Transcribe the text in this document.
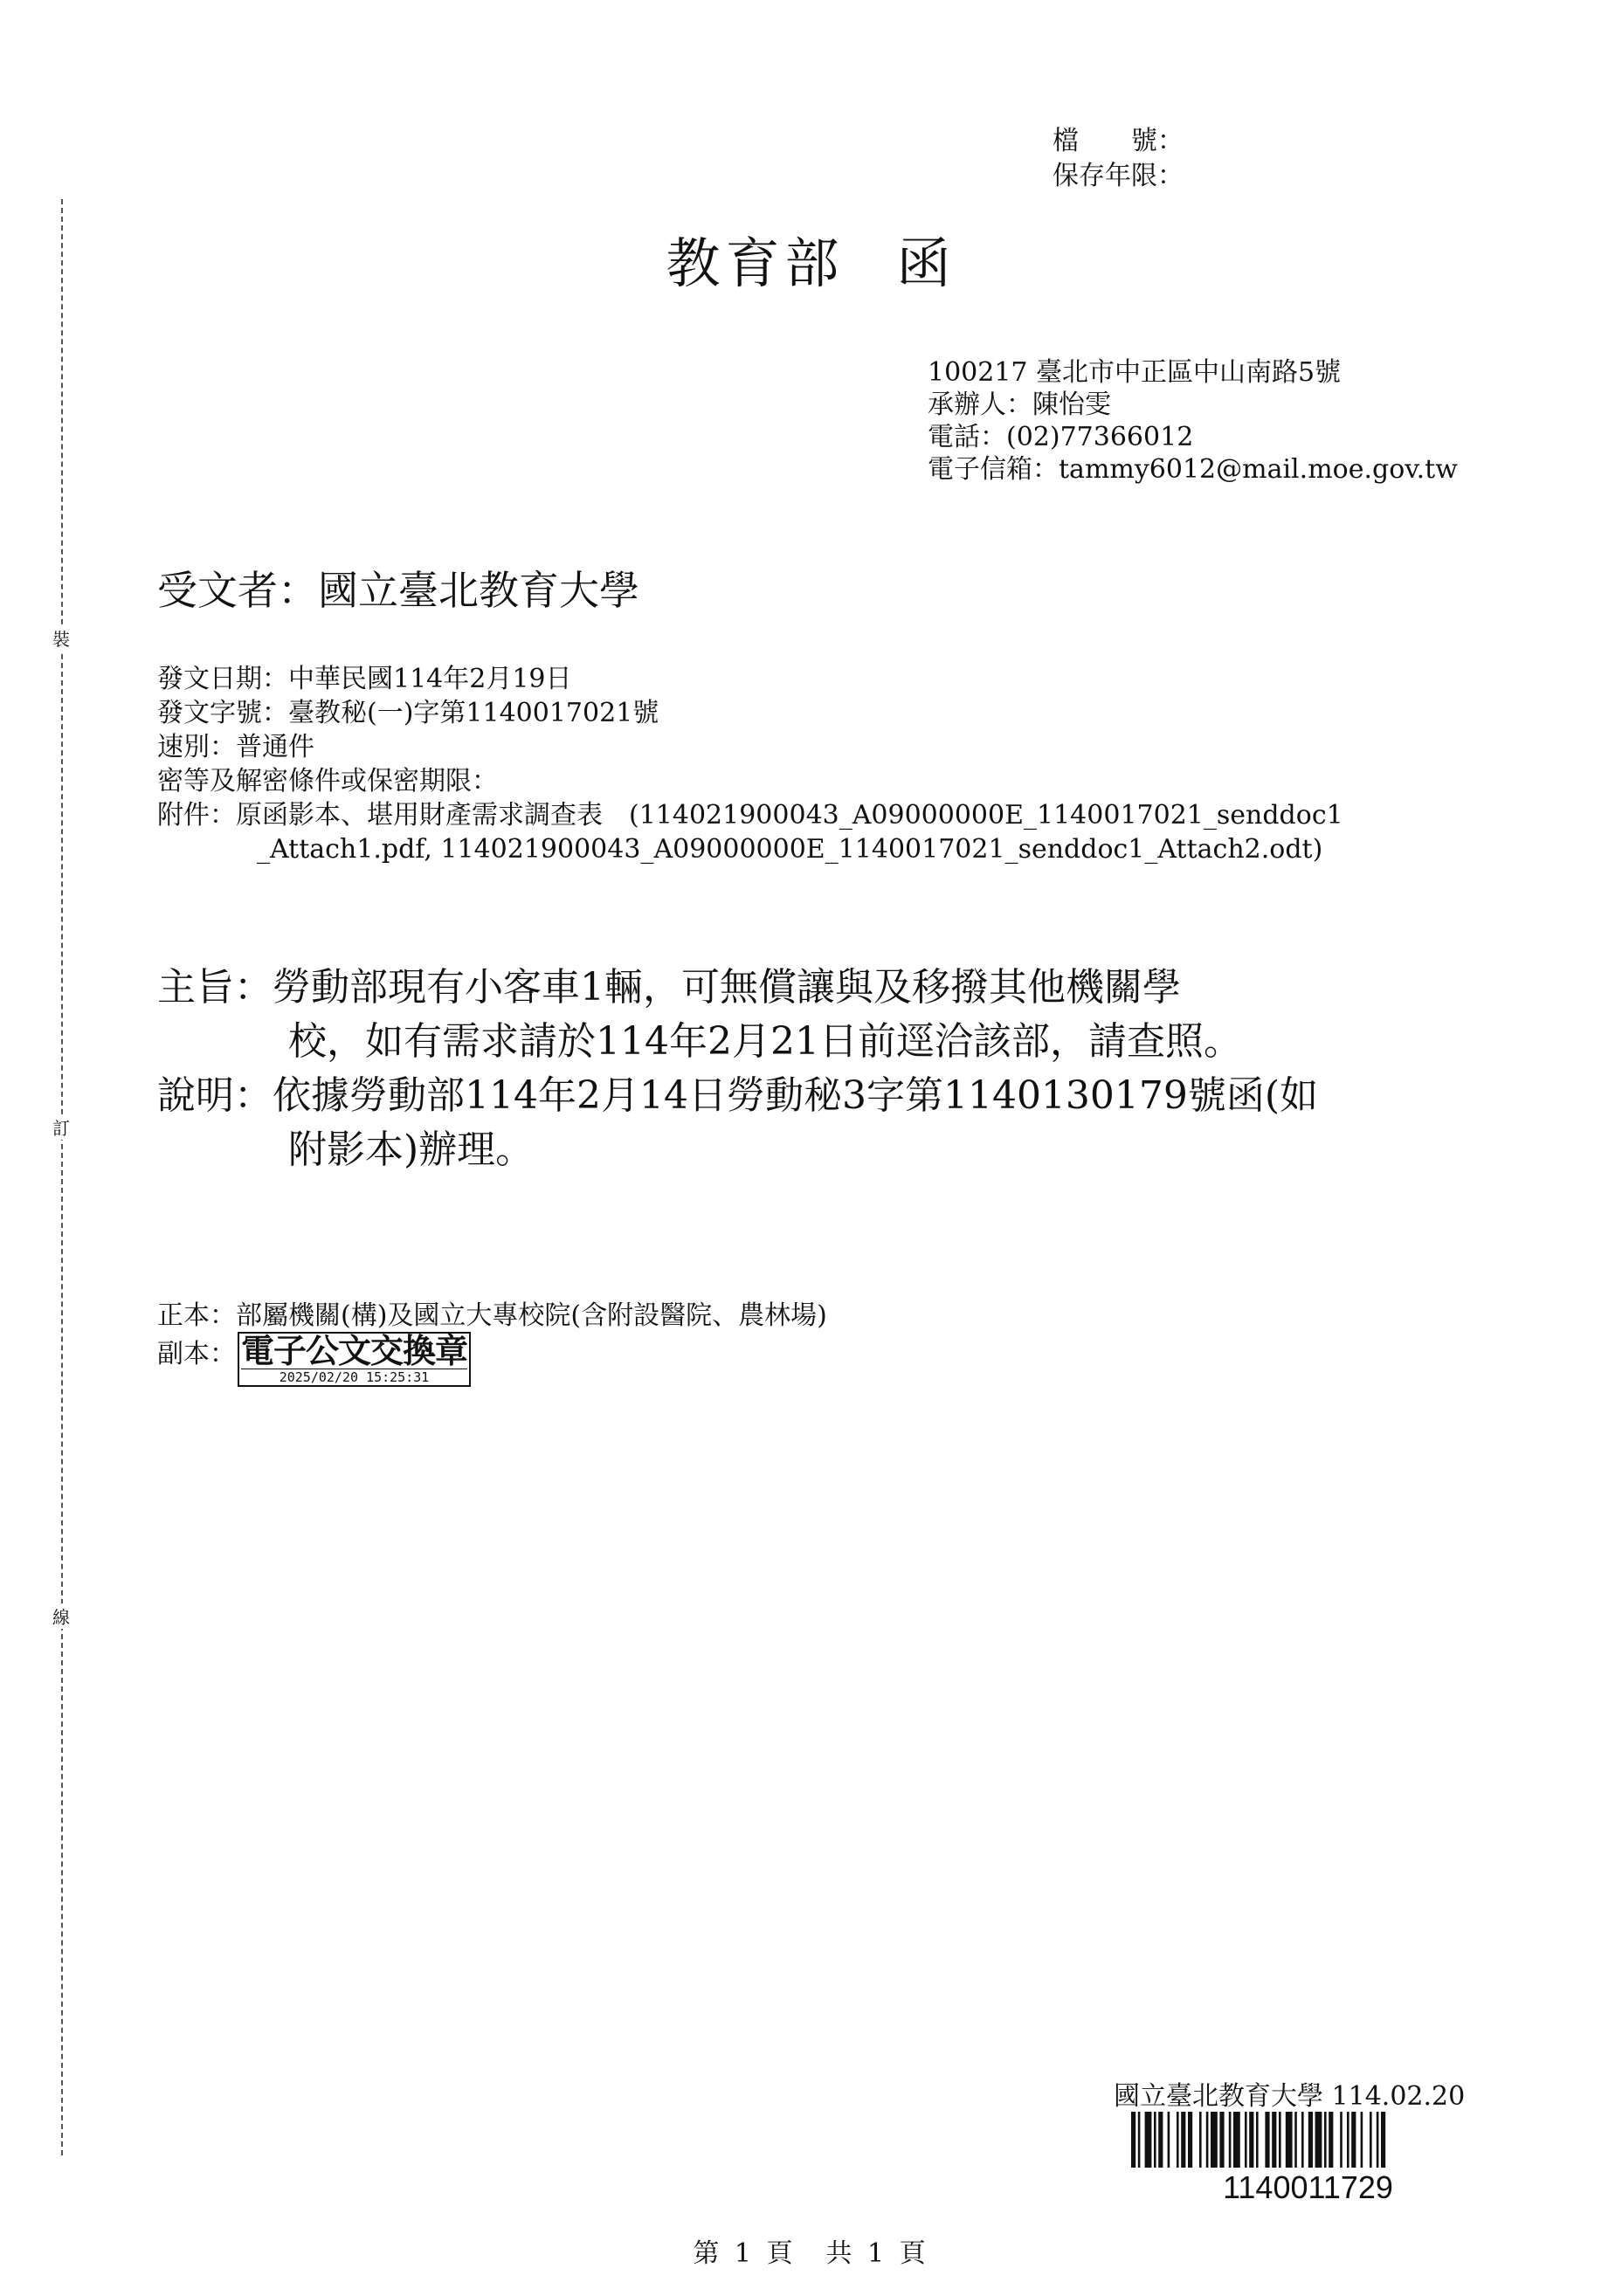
裝
訂
線
檔　　號：
保存年限：
教育部 函
100217 臺北市中正區中山南路5號
承辦人：陳怡雯
電話：(02)77366012
電子信箱：tammy6012@mail.moe.gov.tw
受文者：國立臺北教育大學
發文日期：中華民國114年2月19日
發文字號：臺教秘(一)字第1140017021號
速別：普通件
密等及解密條件或保密期限：
附件：原函影本、堪用財產需求調查表　(114021900043_A09000000E_1140017021_senddoc1
_Attach1.pdf, 114021900043_A09000000E_1140017021_senddoc1_Attach2.odt)
主旨：勞動部現有小客車1輛，可無償讓與及移撥其他機關學
校，如有需求請於114年2月21日前逕洽該部，請查照。
說明：依據勞動部114年2月14日勞動秘3字第1140130179號函(如
附影本)辦理。
正本：部屬機關(構)及國立大專校院(含附設醫院、農林場)
副本： 電子公文交換章
2025/02/20 15:25:31
國立臺北教育大學 114.02.20
1140011729
第 1 頁　共 1 頁
